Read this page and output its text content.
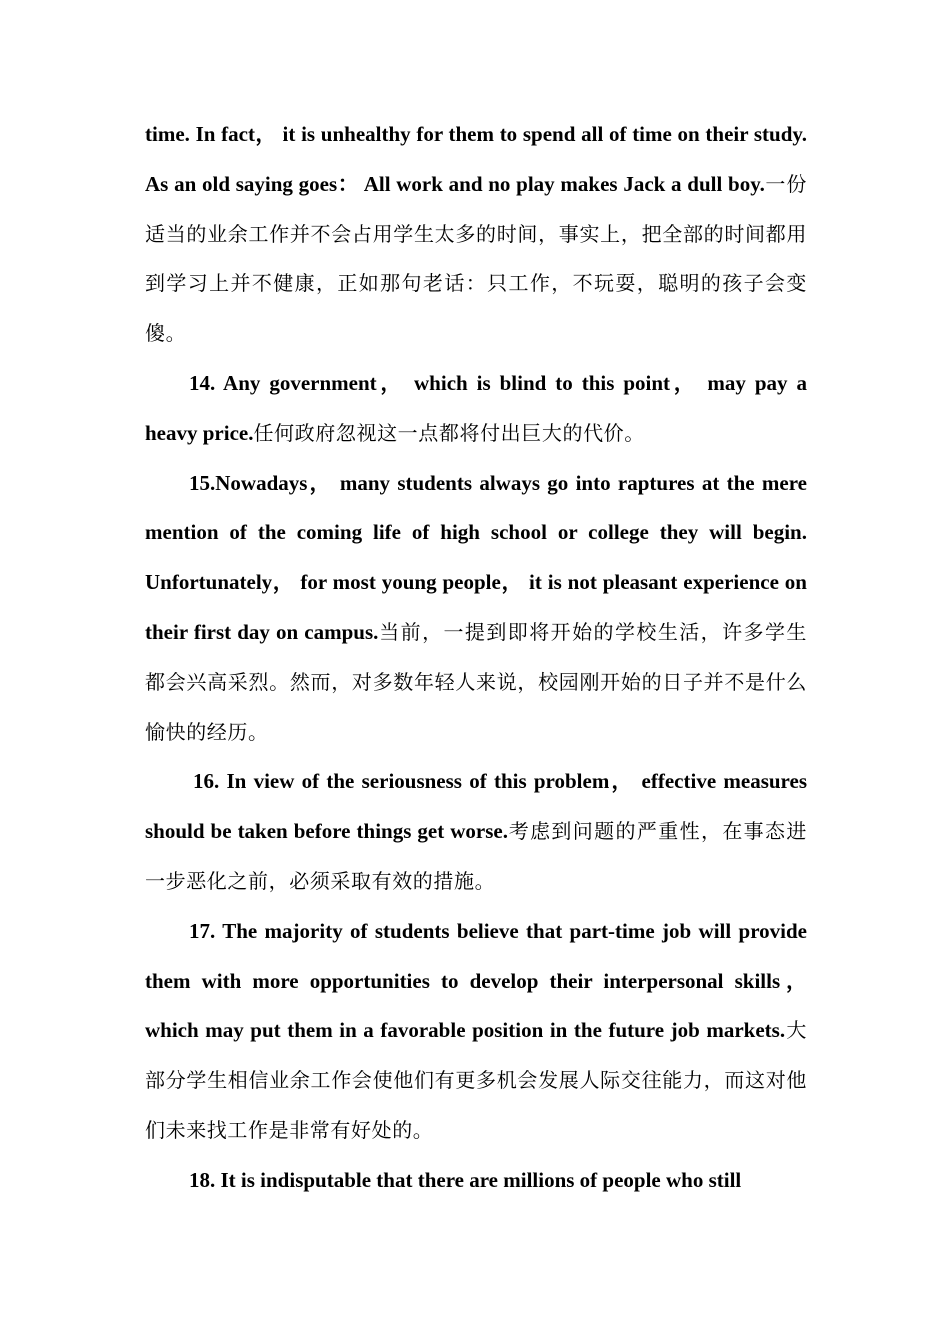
time. In fact， it is unhealthy for them to spend all of time on their study. As an old saying goes： All work and no play makes Jack a dull boy.一份适当的业余工作并不会占用学生太多的时间，事实上，把全部的时间都用到学习上并不健康，正如那句老话：只工作，不玩耍，聪明的孩子会变傻。

14. Any government， which is blind to this point， may pay a heavy price.任何政府忽视这一点都将付出巨大的代价。

15.Nowadays， many students always go into raptures at the mere mention of the coming life of high school or college they will begin. Unfortunately， for most young people， it is not pleasant experience on their first day on campus.当前，一提到即将开始的学校生活，许多学生都会兴高采烈。然而，对多数年轻人来说，校园刚开始的日子并不是什么愉快的经历。

16. In view of the seriousness of this problem， effective measures should be taken before things get worse.考虑到问题的严重性，在事态进一步恶化之前，必须采取有效的措施。

17. The majority of students believe that part-time job will provide them with more opportunities to develop their interpersonal skills， which may put them in a favorable position in the future job markets.大部分学生相信业余工作会使他们有更多机会发展人际交往能力，而这对他们未来找工作是非常有好处的。

18. It is indisputable that there are millions of people who still
